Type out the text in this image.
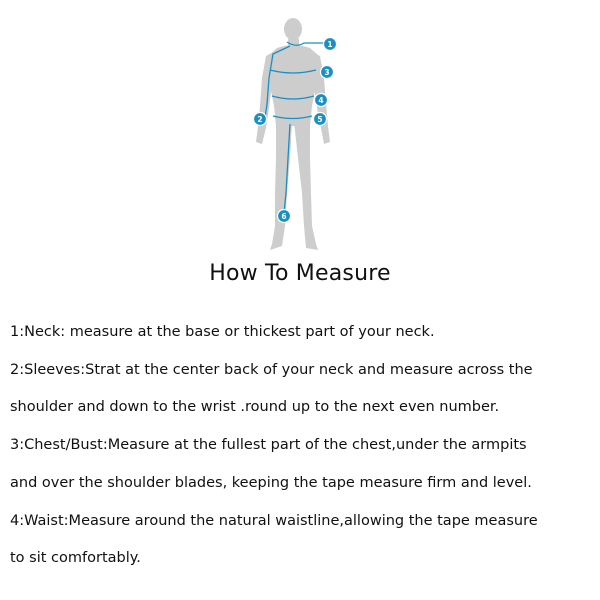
1
2
3
4
5
6
How To Measure
1:Neck: measure at the base or thickest part of your neck.
2:Sleeves:Strat at the center back of your neck and measure across the
shoulder and down to the wrist .round up to the next even number.
3:Chest/Bust:Measure at the fullest part of the chest,under the armpits
and over the shoulder blades, keeping the tape measure firm and level.
4:Waist:Measure around the natural waistline,allowing the tape measure
to sit comfortably.
